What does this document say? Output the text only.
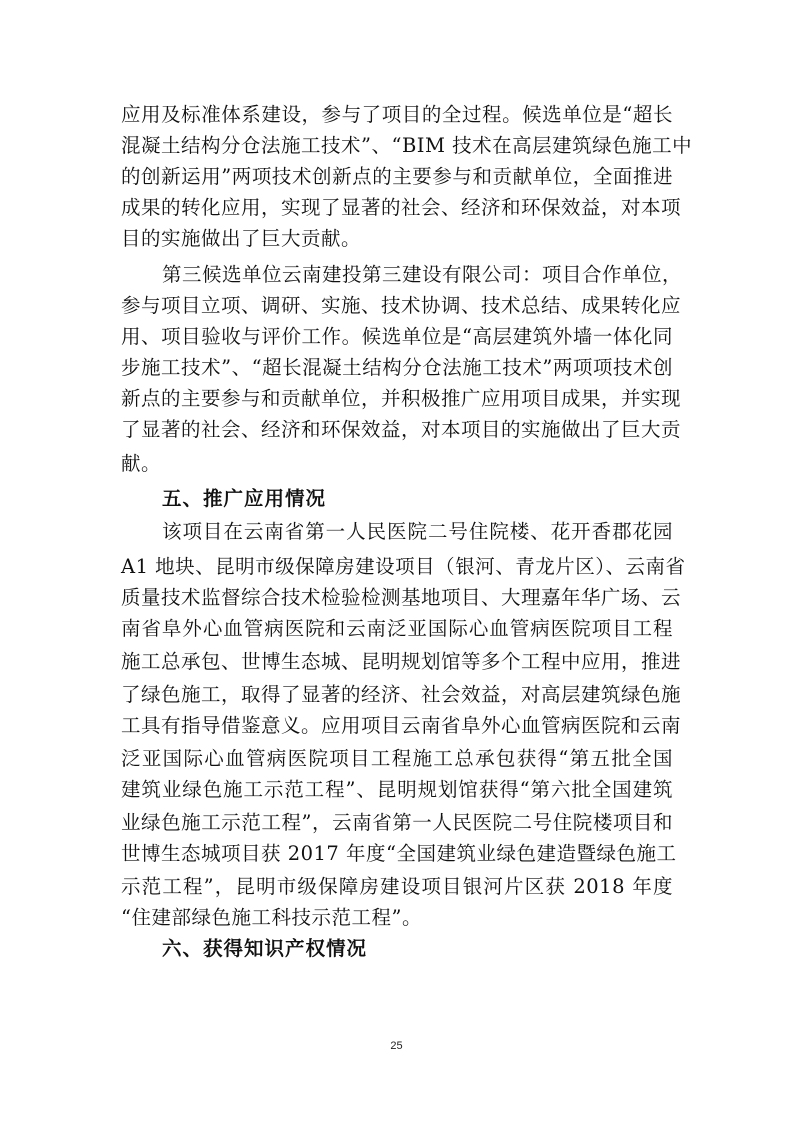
应用及标准体系建设，参与了项目的全过程。候选单位是“超长
混凝土结构分仓法施工技术”、“BIM 技术在高层建筑绿色施工中
的创新运用”两项技术创新点的主要参与和贡献单位，全面推进
成果的转化应用，实现了显著的社会、经济和环保效益，对本项
目的实施做出了巨大贡献。
第三候选单位云南建投第三建设有限公司：项目合作单位，
参与项目立项、调研、实施、技术协调、技术总结、成果转化应
用、项目验收与评价工作。候选单位是“高层建筑外墙一体化同
步施工技术”、“超长混凝土结构分仓法施工技术”两项项技术创
新点的主要参与和贡献单位，并积极推广应用项目成果，并实现
了显著的社会、经济和环保效益，对本项目的实施做出了巨大贡
献。
五、推广应用情况
该项目在云南省第一人民医院二号住院楼、花开香郡花园
A1 地块、昆明市级保障房建设项目（银河、青龙片区）、云南省
质量技术监督综合技术检验检测基地项目、大理嘉年华广场、云
南省阜外心血管病医院和云南泛亚国际心血管病医院项目工程
施工总承包、世博生态城、昆明规划馆等多个工程中应用，推进
了绿色施工，取得了显著的经济、社会效益，对高层建筑绿色施
工具有指导借鉴意义。应用项目云南省阜外心血管病医院和云南
泛亚国际心血管病医院项目工程施工总承包获得“第五批全国
建筑业绿色施工示范工程”、昆明规划馆获得“第六批全国建筑
业绿色施工示范工程”，云南省第一人民医院二号住院楼项目和
世博生态城项目获 2017 年度“全国建筑业绿色建造暨绿色施工
示范工程”，昆明市级保障房建设项目银河片区获 2018 年度
“住建部绿色施工科技示范工程”。
六、获得知识产权情况
25
